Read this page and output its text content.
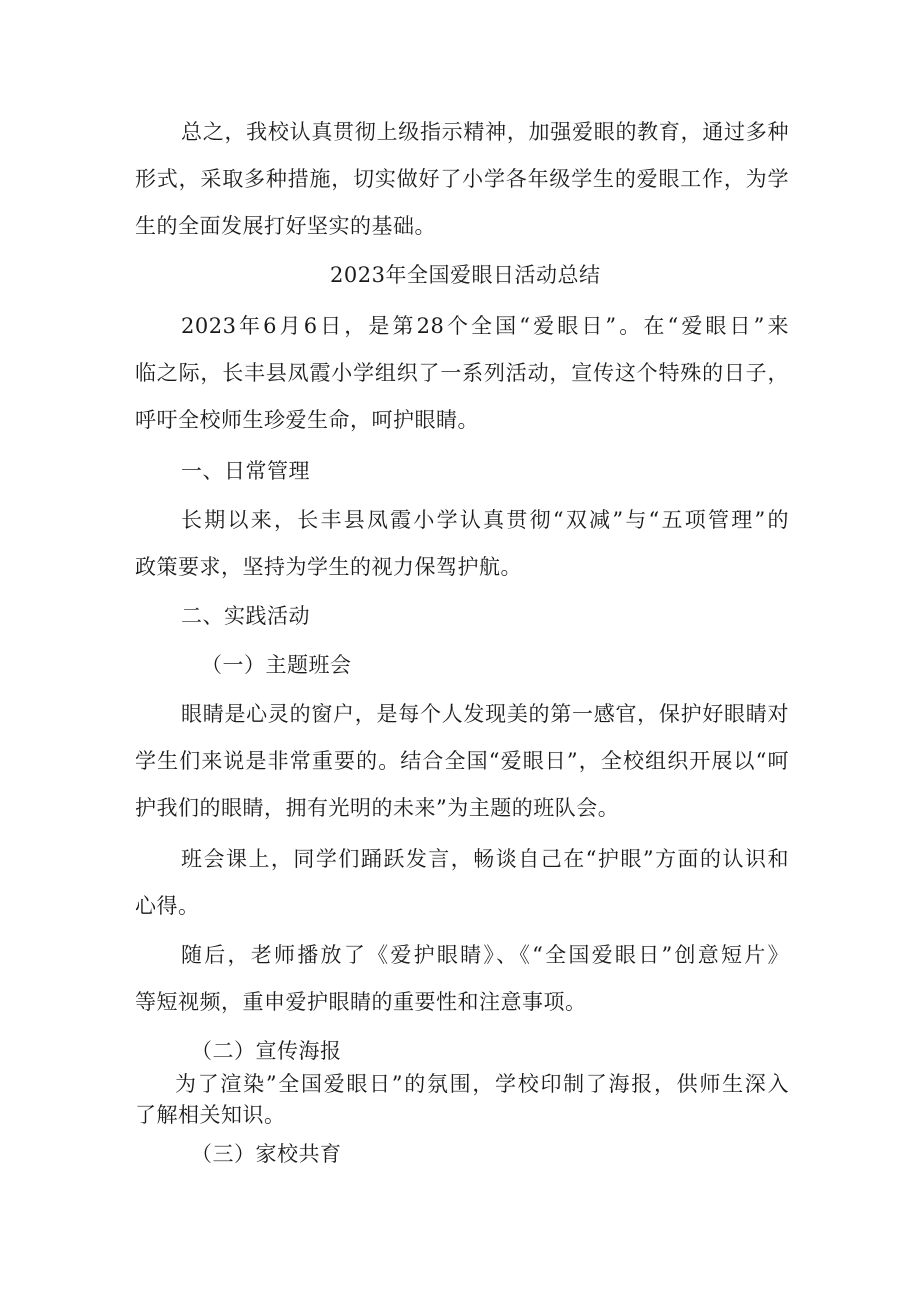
总之，我校认真贯彻上级指示精神，加强爱眼的教育，通过多种
形式，采取多种措施，切实做好了小学各年级学生的爱眼工作，为学
生的全面发展打好坚实的基础。
2023年全国爱眼日活动总结
2023年6月6日，是第28个全国“爱眼日”。在“爱眼日”来
临之际，长丰县凤霞小学组织了一系列活动，宣传这个特殊的日子，
呼吁全校师生珍爱生命，呵护眼睛。
一、日常管理
长期以来，长丰县凤霞小学认真贯彻“双减”与“五项管理”的
政策要求，坚持为学生的视力保驾护航。
二、实践活动
（一）主题班会
眼睛是心灵的窗户，是每个人发现美的第一感官，保护好眼睛对
学生们来说是非常重要的。结合全国“爱眼日”，全校组织开展以“呵
护我们的眼睛，拥有光明的未来”为主题的班队会。
班会课上，同学们踊跃发言，畅谈自己在“护眼”方面的认识和
心得。
随后，老师播放了《爱护眼睛》、《“全国爱眼日”创意短片》
等短视频，重申爱护眼睛的重要性和注意事项。
（二）宣传海报
为了渲染”全国爱眼日”的氛围，学校印制了海报，供师生深入
了解相关知识。
（三）家校共育
